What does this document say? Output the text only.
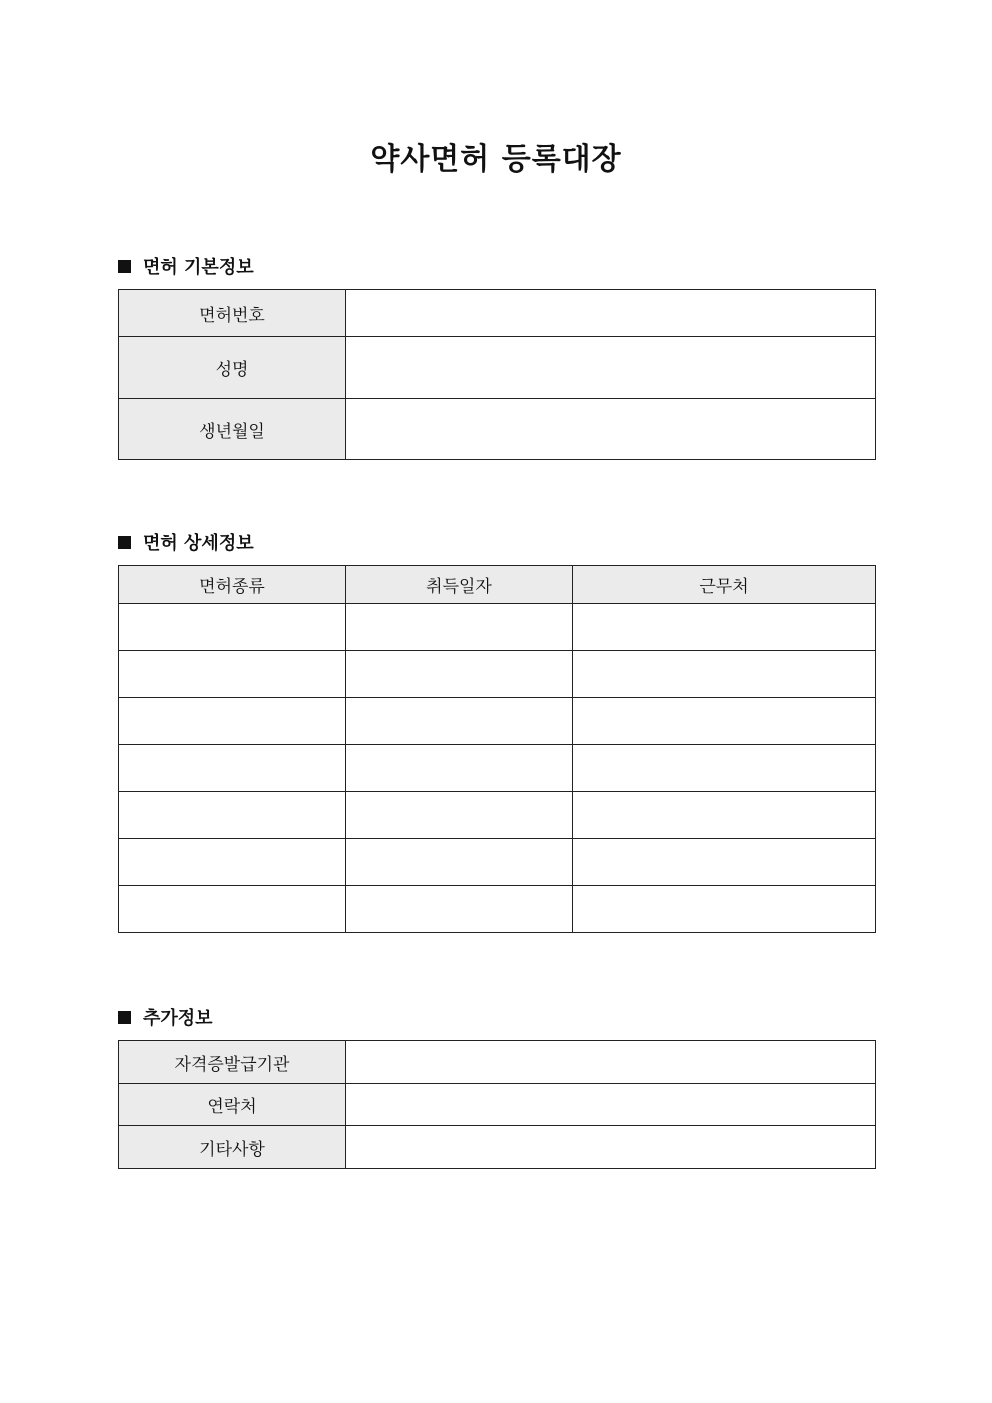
약사면허 등록대장
면허 기본정보
면허번호	
성명	
생년월일	
면허 상세정보
면허종류	취득일자	근무처

추가정보
자격증발급기관	
연락처	
기타사항	
